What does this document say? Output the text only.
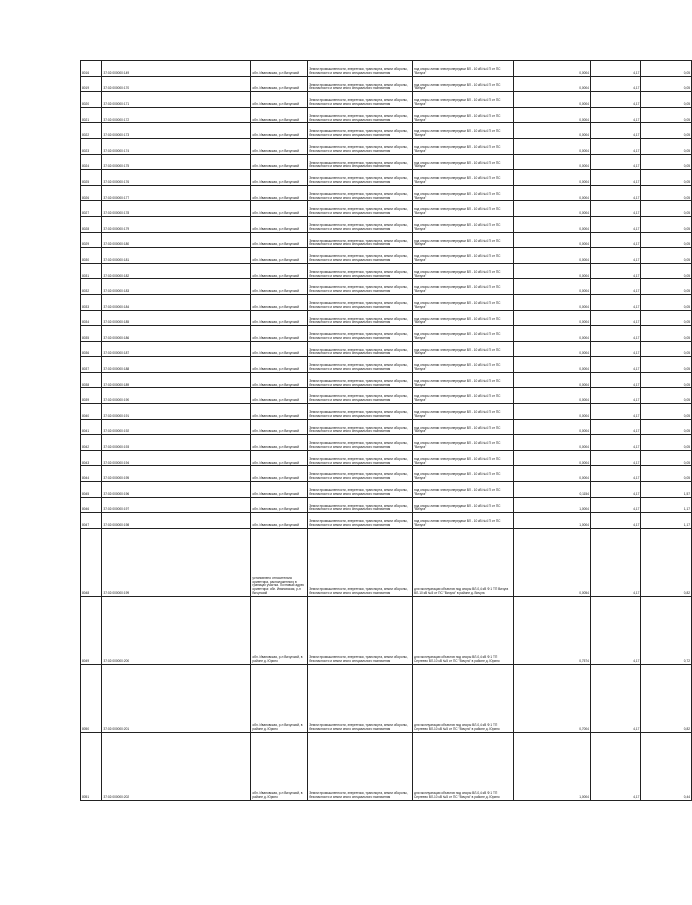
8016	37:02:000000:149	обл. Ивановская, р-н Вичугский	Земли промышленности, энергетики, транспорта, земли обороны, безопасности и земли иного специального назначения	под опоры линии электропередачи ВЛ - 10 кВ №4 П от ПС "Вичуга"	0,0004	4,17	0,05
8019	37:02:000000:170	обл. Ивановская, р-н Вичугский	Земли промышленности, энергетики, транспорта, земли обороны, безопасности и земли иного специального назначения	под опоры линии электропередачи ВЛ - 10 кВ №4 П от ПС "Вичуга"	0,0004	4,17	0,05
8020	37:02:000000:171	обл. Ивановская, р-н Вичугский	Земли промышленности, энергетики, транспорта, земли обороны, безопасности и земли иного специального назначения	под опоры линии электропередачи ВЛ - 10 кВ №4 П от ПС "Вичуга"	0,0004	4,17	0,05
8021	37:02:000000:172	обл. Ивановская, р-н Вичугский	Земли промышленности, энергетики, транспорта, земли обороны, безопасности и земли иного специального назначения	под опоры линии электропередачи ВЛ - 10 кВ №4 П от ПС "Вичуга"	0,0004	4,17	0,05
8022	37:02:000000:173	обл. Ивановская, р-н Вичугский	Земли промышленности, энергетики, транспорта, земли обороны, безопасности и земли иного специального назначения	под опоры линии электропередачи ВЛ - 10 кВ №4 П от ПС "Вичуга"	0,0004	4,17	0,05
8023	37:02:000000:174	обл. Ивановская, р-н Вичугский	Земли промышленности, энергетики, транспорта, земли обороны, безопасности и земли иного специального назначения	под опоры линии электропередачи ВЛ - 10 кВ №4 П от ПС "Вичуга"	0,0004	4,17	0,05
8024	37:02:000000:175	обл. Ивановская, р-н Вичугский	Земли промышленности, энергетики, транспорта, земли обороны, безопасности и земли иного специального назначения	под опоры линии электропередачи ВЛ - 10 кВ №4 П от ПС "Вичуга"	0,0004	4,17	0,05
8025	37:02:000000:176	обл. Ивановская, р-н Вичугский	Земли промышленности, энергетики, транспорта, земли обороны, безопасности и земли иного специального назначения	под опоры линии электропередачи ВЛ - 10 кВ №4 П от ПС "Вичуга"	0,0004	4,17	0,05
8026	37:02:000000:177	обл. Ивановская, р-н Вичугский	Земли промышленности, энергетики, транспорта, земли обороны, безопасности и земли иного специального назначения	под опоры линии электропередачи ВЛ - 10 кВ №4 П от ПС "Вичуга"	0,0004	4,17	0,05
8027	37:02:000000:178	обл. Ивановская, р-н Вичугский	Земли промышленности, энергетики, транспорта, земли обороны, безопасности и земли иного специального назначения	под опоры линии электропередачи ВЛ - 10 кВ №4 П от ПС "Вичуга"	0,0004	4,17	0,05
8028	37:02:000000:179	обл. Ивановская, р-н Вичугский	Земли промышленности, энергетики, транспорта, земли обороны, безопасности и земли иного специального назначения	под опоры линии электропередачи ВЛ - 10 кВ №4 П от ПС "Вичуга"	0,0004	4,17	0,05
8029	37:02:000000:180	обл. Ивановская, р-н Вичугский	Земли промышленности, энергетики, транспорта, земли обороны, безопасности и земли иного специального назначения	под опоры линии электропередачи ВЛ - 10 кВ №4 П от ПС "Вичуга"	0,0004	4,17	0,05
8030	37:02:000000:181	обл. Ивановская, р-н Вичугский	Земли промышленности, энергетики, транспорта, земли обороны, безопасности и земли иного специального назначения	под опоры линии электропередачи ВЛ - 10 кВ №4 П от ПС "Вичуга"	0,0004	4,17	0,05
8031	37:02:000000:182	обл. Ивановская, р-н Вичугский	Земли промышленности, энергетики, транспорта, земли обороны, безопасности и земли иного специального назначения	под опоры линии электропередачи ВЛ - 10 кВ №4 П от ПС "Вичуга"	0,0004	4,17	0,05
8032	37:02:000000:183	обл. Ивановская, р-н Вичугский	Земли промышленности, энергетики, транспорта, земли обороны, безопасности и земли иного специального назначения	под опоры линии электропередачи ВЛ - 10 кВ №4 П от ПС "Вичуга"	0,0004	4,17	0,05
8033	37:02:000000:184	обл. Ивановская, р-н Вичугский	Земли промышленности, энергетики, транспорта, земли обороны, безопасности и земли иного специального назначения	под опоры линии электропередачи ВЛ - 10 кВ №4 П от ПС "Вичуга"	0,0004	4,17	0,05
8034	37:02:000000:185	обл. Ивановская, р-н Вичугский	Земли промышленности, энергетики, транспорта, земли обороны, безопасности и земли иного специального назначения	под опоры линии электропередачи ВЛ - 10 кВ №4 П от ПС "Вичуга"	0,0004	4,17	0,05
8035	37:02:000000:186	обл. Ивановская, р-н Вичугский	Земли промышленности, энергетики, транспорта, земли обороны, безопасности и земли иного специального назначения	под опоры линии электропередачи ВЛ - 10 кВ №4 П от ПС "Вичуга"	0,0004	4,17	0,05
8036	37:02:000000:187	обл. Ивановская, р-н Вичугский	Земли промышленности, энергетики, транспорта, земли обороны, безопасности и земли иного специального назначения	под опоры линии электропередачи ВЛ - 10 кВ №4 П от ПС "Вичуга"	0,0004	4,17	0,05
8037	37:02:000000:188	обл. Ивановская, р-н Вичугский	Земли промышленности, энергетики, транспорта, земли обороны, безопасности и земли иного специального назначения	под опоры линии электропередачи ВЛ - 10 кВ №4 П от ПС "Вичуга"	0,0004	4,17	0,05
8038	37:02:000000:189	обл. Ивановская, р-н Вичугский	Земли промышленности, энергетики, транспорта, земли обороны, безопасности и земли иного специального назначения	под опоры линии электропередачи ВЛ - 10 кВ №4 П от ПС "Вичуга"	0,0004	4,17	0,05
8039	37:02:000000:190	обл. Ивановская, р-н Вичугский	Земли промышленности, энергетики, транспорта, земли обороны, безопасности и земли иного специального назначения	под опоры линии электропередачи ВЛ - 10 кВ №4 П от ПС "Вичуга"	0,0004	4,17	0,05
8040	37:02:000000:191	обл. Ивановская, р-н Вичугский	Земли промышленности, энергетики, транспорта, земли обороны, безопасности и земли иного специального назначения	под опоры линии электропередачи ВЛ - 10 кВ №4 П от ПС "Вичуга"	0,0004	4,17	0,05
8041	37:02:000000:192	обл. Ивановская, р-н Вичугский	Земли промышленности, энергетики, транспорта, земли обороны, безопасности и земли иного специального назначения	под опоры линии электропередачи ВЛ - 10 кВ №4 П от ПС "Вичуга"	0,0004	4,17	0,05
8042	37:02:000000:193	обл. Ивановская, р-н Вичугский	Земли промышленности, энергетики, транспорта, земли обороны, безопасности и земли иного специального назначения	под опоры линии электропередачи ВЛ - 10 кВ №4 П от ПС "Вичуга"	0,0004	4,17	0,05
8043	37:02:000000:194	обл. Ивановская, р-н Вичугский	Земли промышленности, энергетики, транспорта, земли обороны, безопасности и земли иного специального назначения	под опоры линии электропередачи ВЛ - 10 кВ №4 П от ПС "Вичуга"	0,0004	4,17	0,05
8044	37:02:000000:195	обл. Ивановская, р-н Вичугский	Земли промышленности, энергетики, транспорта, земли обороны, безопасности и земли иного специального назначения	под опоры линии электропередачи ВЛ - 10 кВ №4 П от ПС "Вичуга"	0,0004	4,17	0,05
8045	37:02:000000:196	обл. Ивановская, р-н Вичугский	Земли промышленности, энергетики, транспорта, земли обороны, безопасности и земли иного специального назначения	под опоры линии электропередачи ВЛ - 10 кВ №4 П от ПС "Вичуга"	0,1154	4,17	1,57
8046	37:02:000000:197	обл. Ивановская, р-н Вичугский	Земли промышленности, энергетики, транспорта, земли обороны, безопасности и земли иного специального назначения	под опоры линии электропередачи ВЛ - 10 кВ №4 П от ПС "Вичуга"	1,0004	4,17	1,17
8047	37:02:000000:198	обл. Ивановская, р-н Вичугский	Земли промышленности, энергетики, транспорта, земли обороны, безопасности и земли иного специального назначения	под опоры линии электропередачи ВЛ - 10 кВ №4 П от ПС "Вичуга"	1,0004	4,17	1,17
8048	37:02:000000:199	установлено относительно ориентира, расположенного в границах участка. Почтовый адрес ориентира: обл. Ивановская, р-н Вичугский	Земли промышленности, энергетики, транспорта, земли обороны, безопасности и земли иного специального назначения	для эксплуатации объектов под опоры ВЛ-0,4 кВ Ф.1 ТП Вичуга ВЛ-10 кВ №5 от ПС "Вичуга" в районе д. Вичуга	0,0054	4,17	0,82
8049	37:02:000000:200	обл. Ивановская, р-н Вичугский, в районе д. Юрино	Земли промышленности, энергетики, транспорта, земли обороны, безопасности и земли иного специального назначения	для эксплуатации объектов под опоры ВЛ-0,4 кВ Ф.1 ТП Сергеево ВЛ-10 кВ №5 от ПС "Вичуга" в районе д. Юрино	0,7574	4,17	0,72
8050	37:02:000000:201	обл. Ивановская, р-н Вичугский, в районе д. Юрино	Земли промышленности, энергетики, транспорта, земли обороны, безопасности и земли иного специального назначения	для эксплуатации объектов под опоры ВЛ-0,4 кВ Ф.1 ТП Сергеево ВЛ-10 кВ №5 от ПС "Вичуга" в районе д. Юрино	0,7004	4,17	0,82
8051	37:02:000000:202	обл. Ивановская, р-н Вичугский, в районе д. Юрино	Земли промышленности, энергетики, транспорта, земли обороны, безопасности и земли иного специального назначения	для эксплуатации объектов под опоры ВЛ-0,4 кВ Ф.1 ТП Сергеево ВЛ-10 кВ №5 от ПС "Вичуга" в районе д. Юрино	1,0004	4,17	0,44
